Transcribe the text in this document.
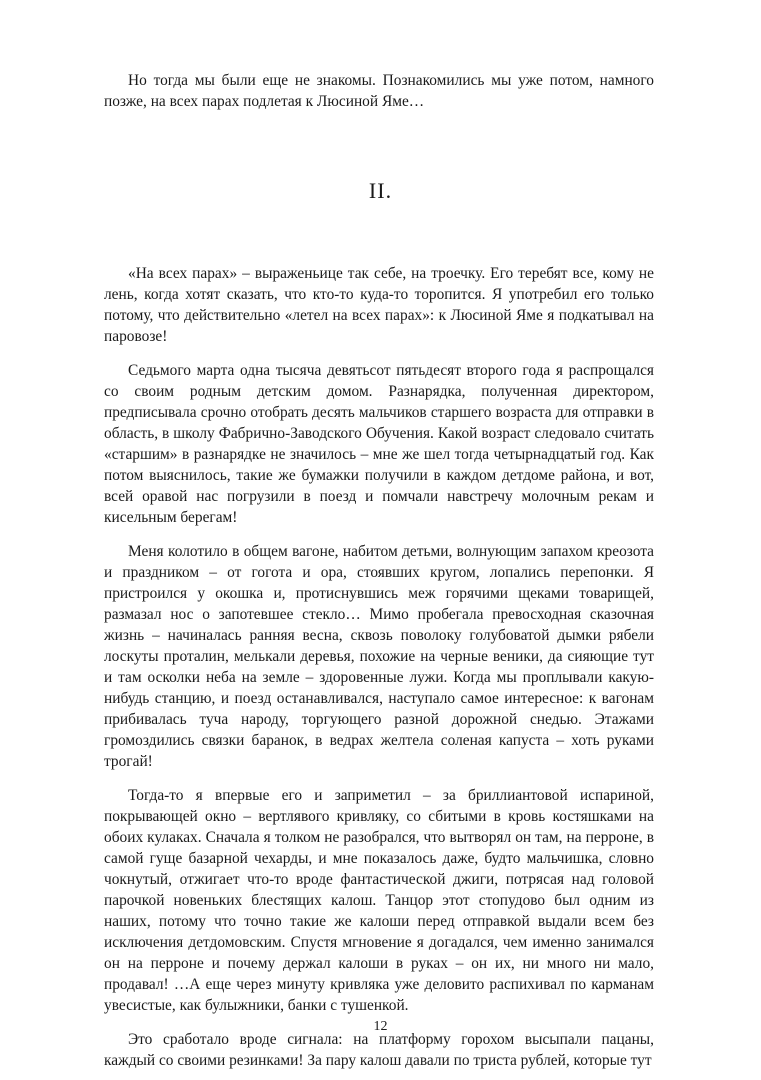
Но тогда мы были еще не знакомы. Познакомились мы уже потом, намного позже, на всех парах подлетая к Люсиной Яме…

II.

«На всех парах» – выраженьице так себе, на троечку. Его теребят все, кому не лень, когда хотят сказать, что кто-то куда-то торопится. Я употребил его только потому, что действительно «летел на всех парах»: к Люсиной Яме я подкатывал на паровозе!

Седьмого марта одна тысяча девятьсот пятьдесят второго года я распрощался со своим родным детским домом. Разнарядка, полученная директором, предписывала срочно отобрать десять мальчиков старшего возраста для отправки в область, в школу Фабрично-Заводского Обучения. Какой возраст следовало считать «старшим» в разнарядке не значилось – мне же шел тогда четырнадцатый год. Как потом выяснилось, такие же бумажки получили в каждом детдоме района, и вот, всей оравой нас погрузили в поезд и помчали навстречу молочным рекам и кисельным берегам!

Меня колотило в общем вагоне, набитом детьми, волнующим запахом креозота и праздником – от гогота и ора, стоявших кругом, лопались перепонки. Я пристроился у окошка и, протиснувшись меж горячими щеками товарищей, размазал нос о запотевшее стекло… Мимо пробегала превосходная сказочная жизнь – начиналась ранняя весна, сквозь поволоку голубоватой дымки рябели лоскуты проталин, мелькали деревья, похожие на черные веники, да сияющие тут и там осколки неба на земле – здоровенные лужи. Когда мы проплывали какую-нибудь станцию, и поезд останавливался, наступало самое интересное: к вагонам прибивалась туча народу, торгующего разной дорожной снедью. Этажами громоздились связки баранок, в ведрах желтела соленая капуста – хоть руками трогай!

Тогда-то я впервые его и заприметил – за бриллиантовой испариной, покрывающей окно – вертлявого кривляку, со сбитыми в кровь костяшками на обоих кулаках. Сначала я толком не разобрался, что вытворял он там, на перроне, в самой гуще базарной чехарды, и мне показалось даже, будто мальчишка, словно чокнутый, отжигает что-то вроде фантастической джиги, потрясая над головой парочкой новеньких блестящих калош. Танцор этот стопудово был одним из наших, потому что точно такие же калоши перед отправкой выдали всем без исключения детдомовским. Спустя мгновение я догадался, чем именно занимался он на перроне и почему держал калоши в руках – он их, ни много ни мало, продавал! …А еще через минуту кривляка уже деловито распихивал по карманам увесистые, как булыжники, банки с тушенкой.

Это сработало вроде сигнала: на платформу горохом высыпали пацаны, каждый со своими резинками! За пару калош давали по триста рублей, которые тут

12
